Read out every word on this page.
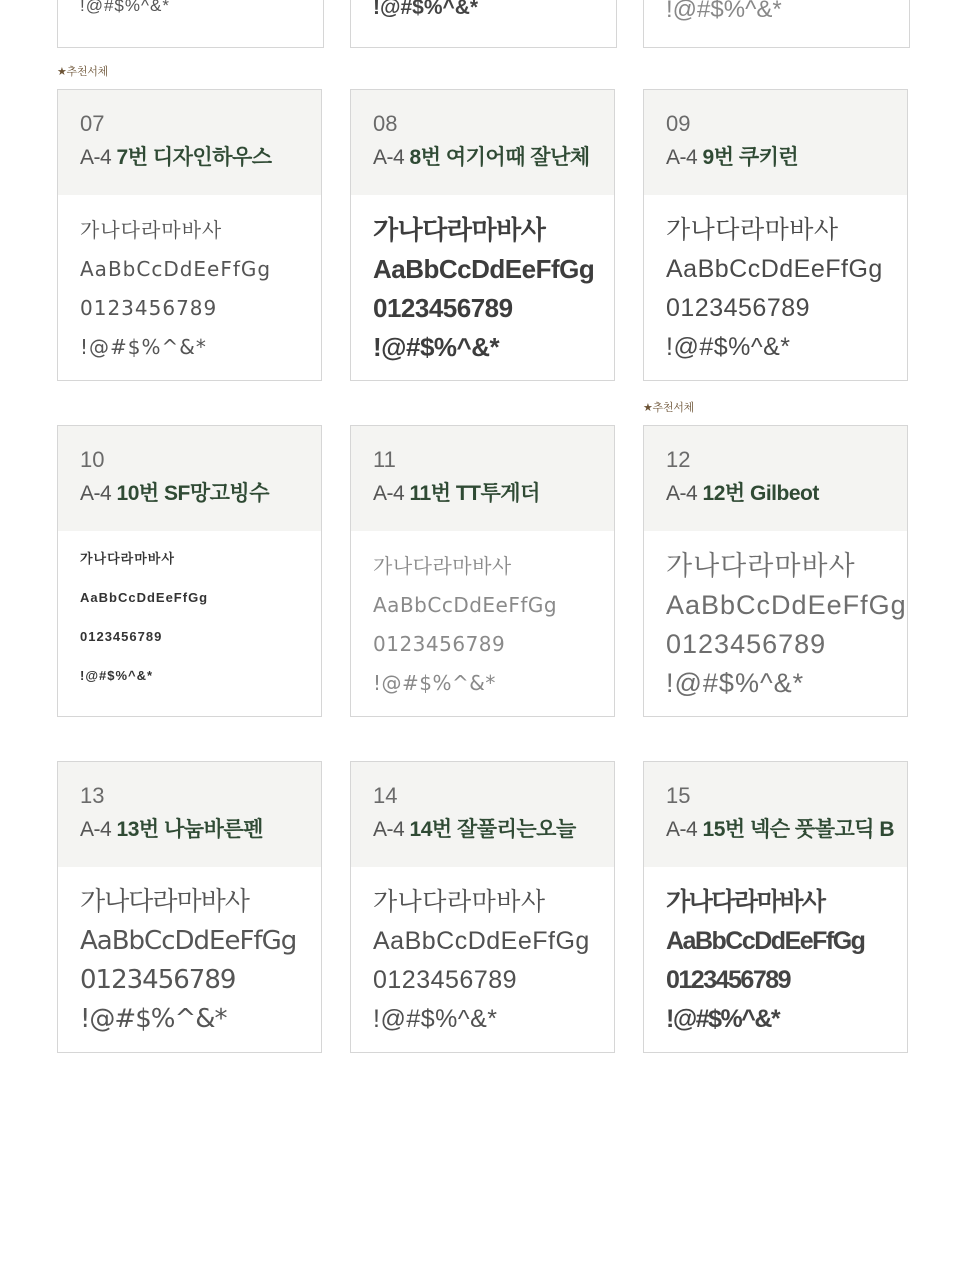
!@#$%^&*	!@#$%^&*	!@#$%^&*
★추천서체
★추천서체
07
A-4 7번 디자인하우스
가나다라마바사
AaBbCcDdEeFfGg
0123456789
!@#$%^&*
08
A-4 8번 여기어때 잘난체
가나다라마바사
AaBbCcDdEeFfGg
0123456789
!@#$%^&*
09
A-4 9번 쿠키런
가나다라마바사
AaBbCcDdEeFfGg
0123456789
!@#$%^&*
10
A-4 10번 SF망고빙수
가나다라마바사
AaBbCcDdEeFfGg
0123456789
!@#$%^&*
11
A-4 11번 TT투게더
가나다라마바사
AaBbCcDdEeFfGg
0123456789
!@#$%^&*
12
A-4 12번 Gilbeot
가나다라마바사
AaBbCcDdEeFfGg
0123456789
!@#$%^&*
13
A-4 13번 나눔바른펜
가나다라마바사
AaBbCcDdEeFfGg
0123456789
!@#$%^&*
14
A-4 14번 잘풀리는오늘
가나다라마바사
AaBbCcDdEeFfGg
0123456789
!@#$%^&*
15
A-4 15번 넥슨 풋볼고딕 B
가나다라마바사
AaBbCcDdEeFfGg
0123456789
!@#$%^&*
